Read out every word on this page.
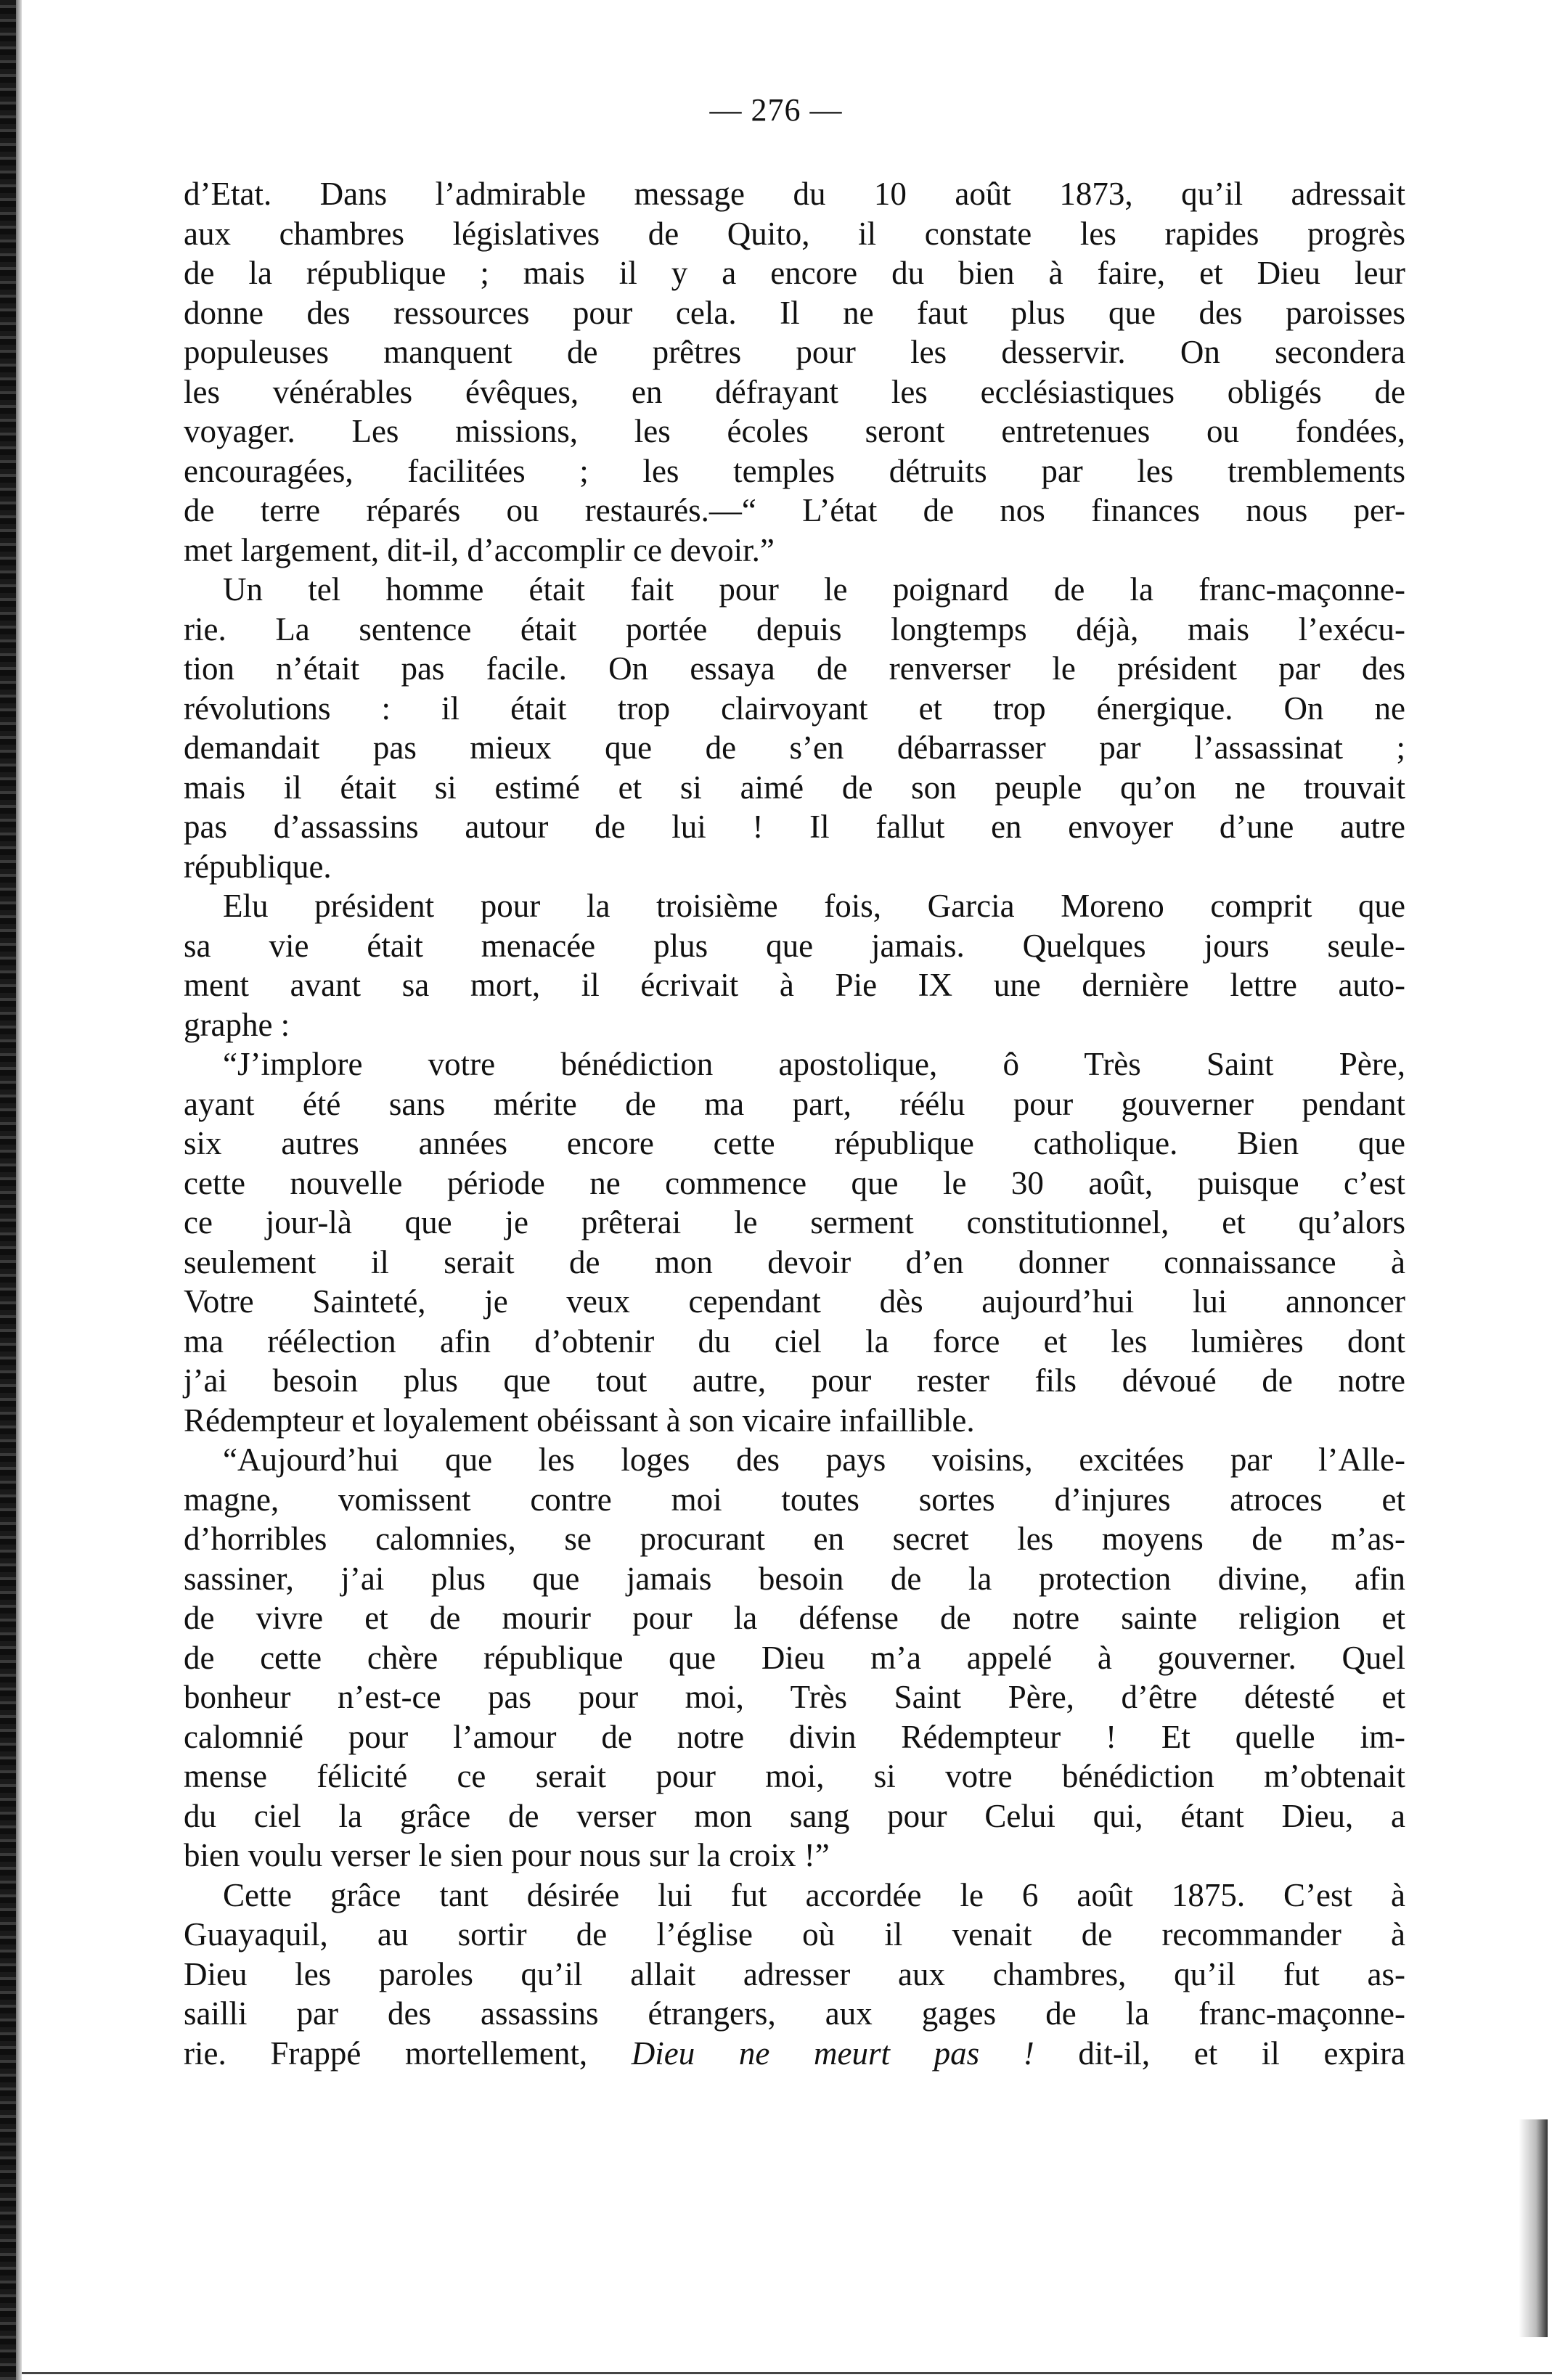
— 276 —
d’Etat. Dans l’admirable message du 10 août 1873, qu’il adressait
aux chambres législatives de Quito, il constate les rapides progrès
de la république ; mais il y a encore du bien à faire, et Dieu leur
donne des ressources pour cela. Il ne faut plus que des paroisses
populeuses manquent de prêtres pour les desservir. On secondera
les vénérables évêques, en défrayant les ecclésiastiques obligés de
voyager. Les missions, les écoles seront entretenues ou fondées,
encouragées, facilitées ; les temples détruits par les tremblements
de terre réparés ou restaurés.—“ L’état de nos finances nous per-
met largement, dit-il, d’accomplir ce devoir.”
Un tel homme était fait pour le poignard de la franc-maçonne-
rie. La sentence était portée depuis longtemps déjà, mais l’exécu-
tion n’était pas facile. On essaya de renverser le président par des
révolutions : il était trop clairvoyant et trop énergique. On ne
demandait pas mieux que de s’en débarrasser par l’assassinat ;
mais il était si estimé et si aimé de son peuple qu’on ne trouvait
pas d’assassins autour de lui ! Il fallut en envoyer d’une autre
république.
Elu président pour la troisième fois, Garcia Moreno comprit que
sa vie était menacée plus que jamais. Quelques jours seule-
ment avant sa mort, il écrivait à Pie IX une dernière lettre auto-
graphe :
“J’implore votre bénédiction apostolique, ô Très Saint Père,
ayant été sans mérite de ma part, réélu pour gouverner pendant
six autres années encore cette république catholique. Bien que
cette nouvelle période ne commence que le 30 août, puisque c’est
ce jour-là que je prêterai le serment constitutionnel, et qu’alors
seulement il serait de mon devoir d’en donner connaissance à
Votre Sainteté, je veux cependant dès aujourd’hui lui annoncer
ma réélection afin d’obtenir du ciel la force et les lumières dont
j’ai besoin plus que tout autre, pour rester fils dévoué de notre
Rédempteur et loyalement obéissant à son vicaire infaillible.
“Aujourd’hui que les loges des pays voisins, excitées par l’Alle-
magne, vomissent contre moi toutes sortes d’injures atroces et
d’horribles calomnies, se procurant en secret les moyens de m’as-
sassiner, j’ai plus que jamais besoin de la protection divine, afin
de vivre et de mourir pour la défense de notre sainte religion et
de cette chère république que Dieu m’a appelé à gouverner. Quel
bonheur n’est-ce pas pour moi, Très Saint Père, d’être détesté et
calomnié pour l’amour de notre divin Rédempteur ! Et quelle im-
mense félicité ce serait pour moi, si votre bénédiction m’obtenait
du ciel la grâce de verser mon sang pour Celui qui, étant Dieu, a
bien voulu verser le sien pour nous sur la croix !”
Cette grâce tant désirée lui fut accordée le 6 août 1875. C’est à
Guayaquil, au sortir de l’église où il venait de recommander à
Dieu les paroles qu’il allait adresser aux chambres, qu’il fut as-
sailli par des assassins étrangers, aux gages de la franc-maçonne-
rie. Frappé mortellement, Dieu ne meurt pas ! dit-il, et il expira
